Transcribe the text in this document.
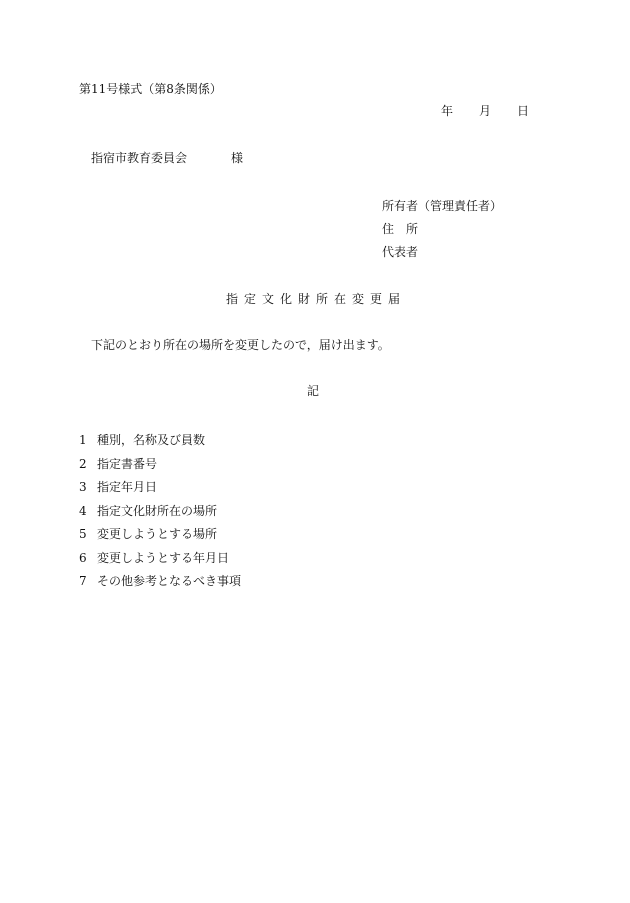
第11号様式（第8条関係）
年 月 日
指宿市教育委員会	様
所有者（管理責任者）
住　所
代表者
指定文化財所在変更届
下記のとおり所在の場所を変更したので，届け出ます。
記
1 種別，名称及び員数
2 指定書番号
3 指定年月日
4 指定文化財所在の場所
5 変更しようとする場所
6 変更しようとする年月日
7 その他参考となるべき事項
